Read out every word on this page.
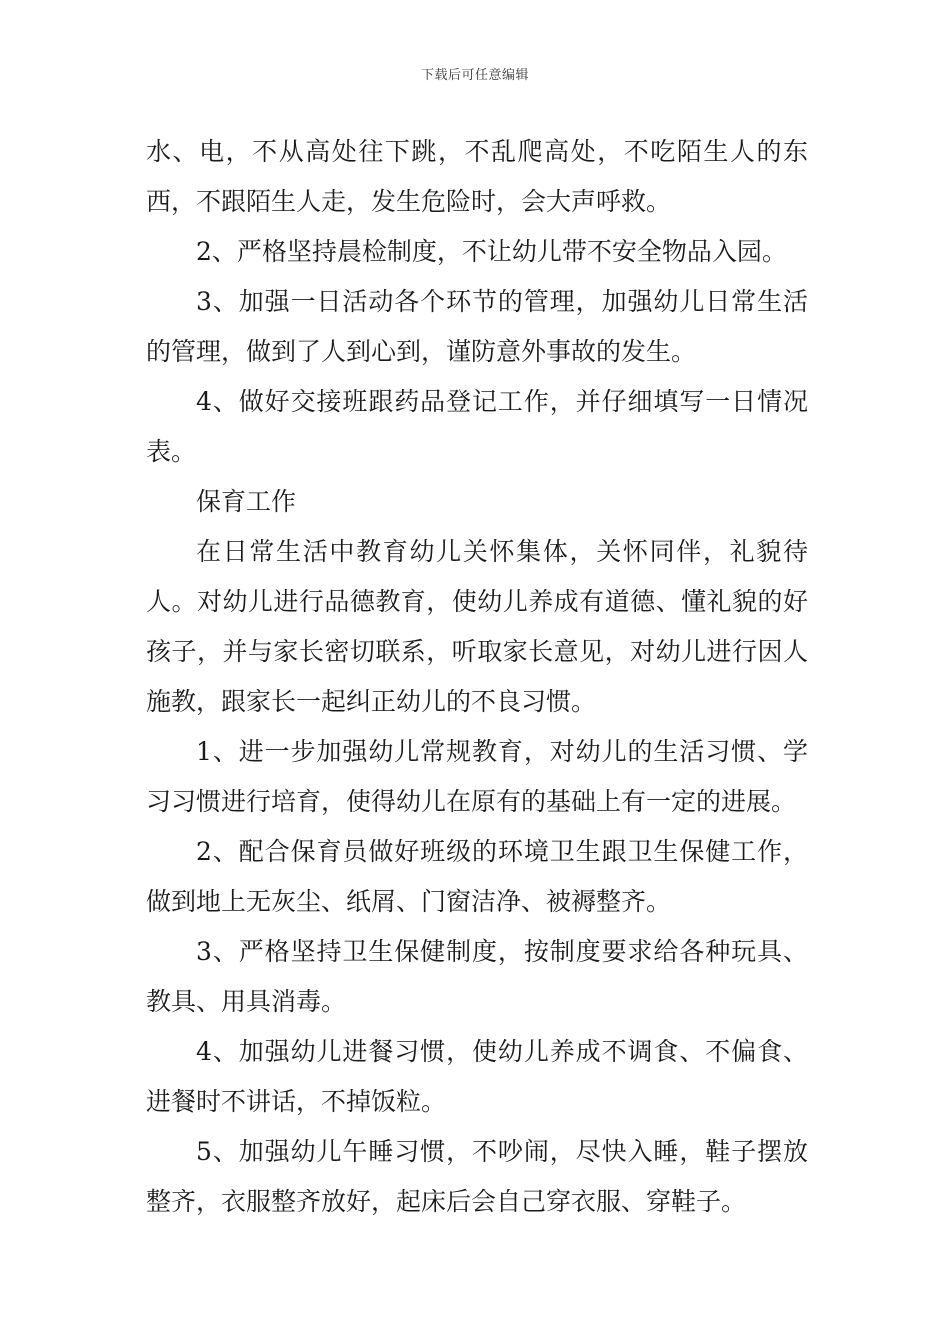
下载后可任意编辑

水、电，不从高处往下跳，不乱爬高处，不吃陌生人的东西，不跟陌生人走，发生危险时，会大声呼救。

2、严格坚持晨检制度，不让幼儿带不安全物品入园。

3、加强一日活动各个环节的管理，加强幼儿日常生活的管理，做到了人到心到，谨防意外事故的发生。

4、做好交接班跟药品登记工作，并仔细填写一日情况表。

保育工作

在日常生活中教育幼儿关怀集体，关怀同伴，礼貌待人。对幼儿进行品德教育，使幼儿养成有道德、懂礼貌的好孩子，并与家长密切联系，听取家长意见，对幼儿进行因人施教，跟家长一起纠正幼儿的不良习惯。

1、进一步加强幼儿常规教育，对幼儿的生活习惯、学习习惯进行培育，使得幼儿在原有的基础上有一定的进展。

2、配合保育员做好班级的环境卫生跟卫生保健工作，做到地上无灰尘、纸屑、门窗洁净、被褥整齐。

3、严格坚持卫生保健制度，按制度要求给各种玩具、教具、用具消毒。

4、加强幼儿进餐习惯，使幼儿养成不调食、不偏食、进餐时不讲话，不掉饭粒。

5、加强幼儿午睡习惯，不吵闹，尽快入睡，鞋子摆放整齐，衣服整齐放好，起床后会自己穿衣服、穿鞋子。
